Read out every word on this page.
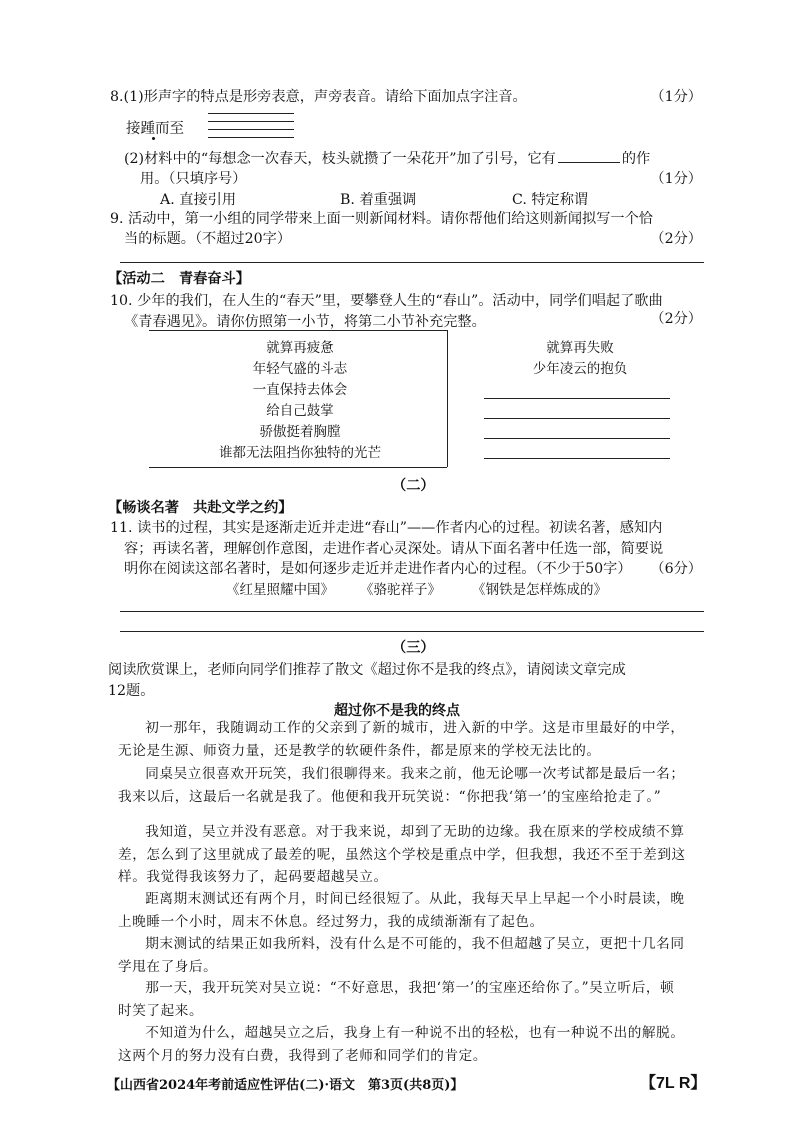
8.(1)形声字的特点是形旁表意，声旁表音。请给下面加点字注音。	（1分）
接踵而至
(2)材料中的“每想念一次春天，枝头就攒了一朵花开”加了引号，它有	的作
用。（只填序号）	（1分）
A. 直接引用	B. 着重强调	C. 特定称谓
9. 活动中，第一小组的同学带来上面一则新闻材料。请你帮他们给这则新闻拟写一个恰
当的标题。（不超过20字）	（2分）
【活动二　青春奋斗】
10. 少年的我们，在人生的“春天”里，要攀登人生的“春山”。活动中，同学们唱起了歌曲
《青春遇见》。请你仿照第一小节，将第二小节补充完整。	（2分）
就算再疲惫
年轻气盛的斗志
一直保持去体会
给自己鼓掌
骄傲挺着胸膛
谁都无法阻挡你独特的光芒
就算再失败
少年凌云的抱负
（二）
【畅谈名著　共赴文学之约】
11. 读书的过程，其实是逐渐走近并走进“春山”——作者内心的过程。初读名著，感知内
容；再读名著，理解创作意图，走进作者心灵深处。请从下面名著中任选一部，简要说
明你在阅读这部名著时，是如何逐步走近并走进作者内心的过程。（不少于50字） （6分）
《红星照耀中国》 《骆驼祥子》 《钢铁是怎样炼成的》
（三）
阅读欣赏课上，老师向同学们推荐了散文《超过你不是我的终点》，请阅读文章完成
12题。
超过你不是我的终点

初一那年，我随调动工作的父亲到了新的城市，进入新的中学。这是市里最好的中学，无论是生源、师资力量，还是教学的软硬件条件，都是原来的学校无法比的。

同桌吴立很喜欢开玩笑，我们很聊得来。我来之前，他无论哪一次考试都是最后一名；我来以后，这最后一名就是我了。他便和我开玩笑说：“你把我‘第一’的宝座给抢走了。”

我知道，吴立并没有恶意。对于我来说，却到了无助的边缘。我在原来的学校成绩不算差，怎么到了这里就成了最差的呢，虽然这个学校是重点中学，但我想，我还不至于差到这样。我觉得我该努力了，起码要超越吴立。

距离期末测试还有两个月，时间已经很短了。从此，我每天早上早起一个小时晨读，晚上晚睡一个小时，周末不休息。经过努力，我的成绩渐渐有了起色。

期末测试的结果正如我所料，没有什么是不可能的，我不但超越了吴立，更把十几名同学甩在了身后。

那一天，我开玩笑对吴立说：“不好意思，我把‘第一’的宝座还给你了。”吴立听后，顿时笑了起来。

不知道为什么，超越吴立之后，我身上有一种说不出的轻松，也有一种说不出的解脱。这两个月的努力没有白费，我得到了老师和同学们的肯定。

【山西省2024年考前适应性评估(二)·语文　第3页(共8页)】	【7L R】
